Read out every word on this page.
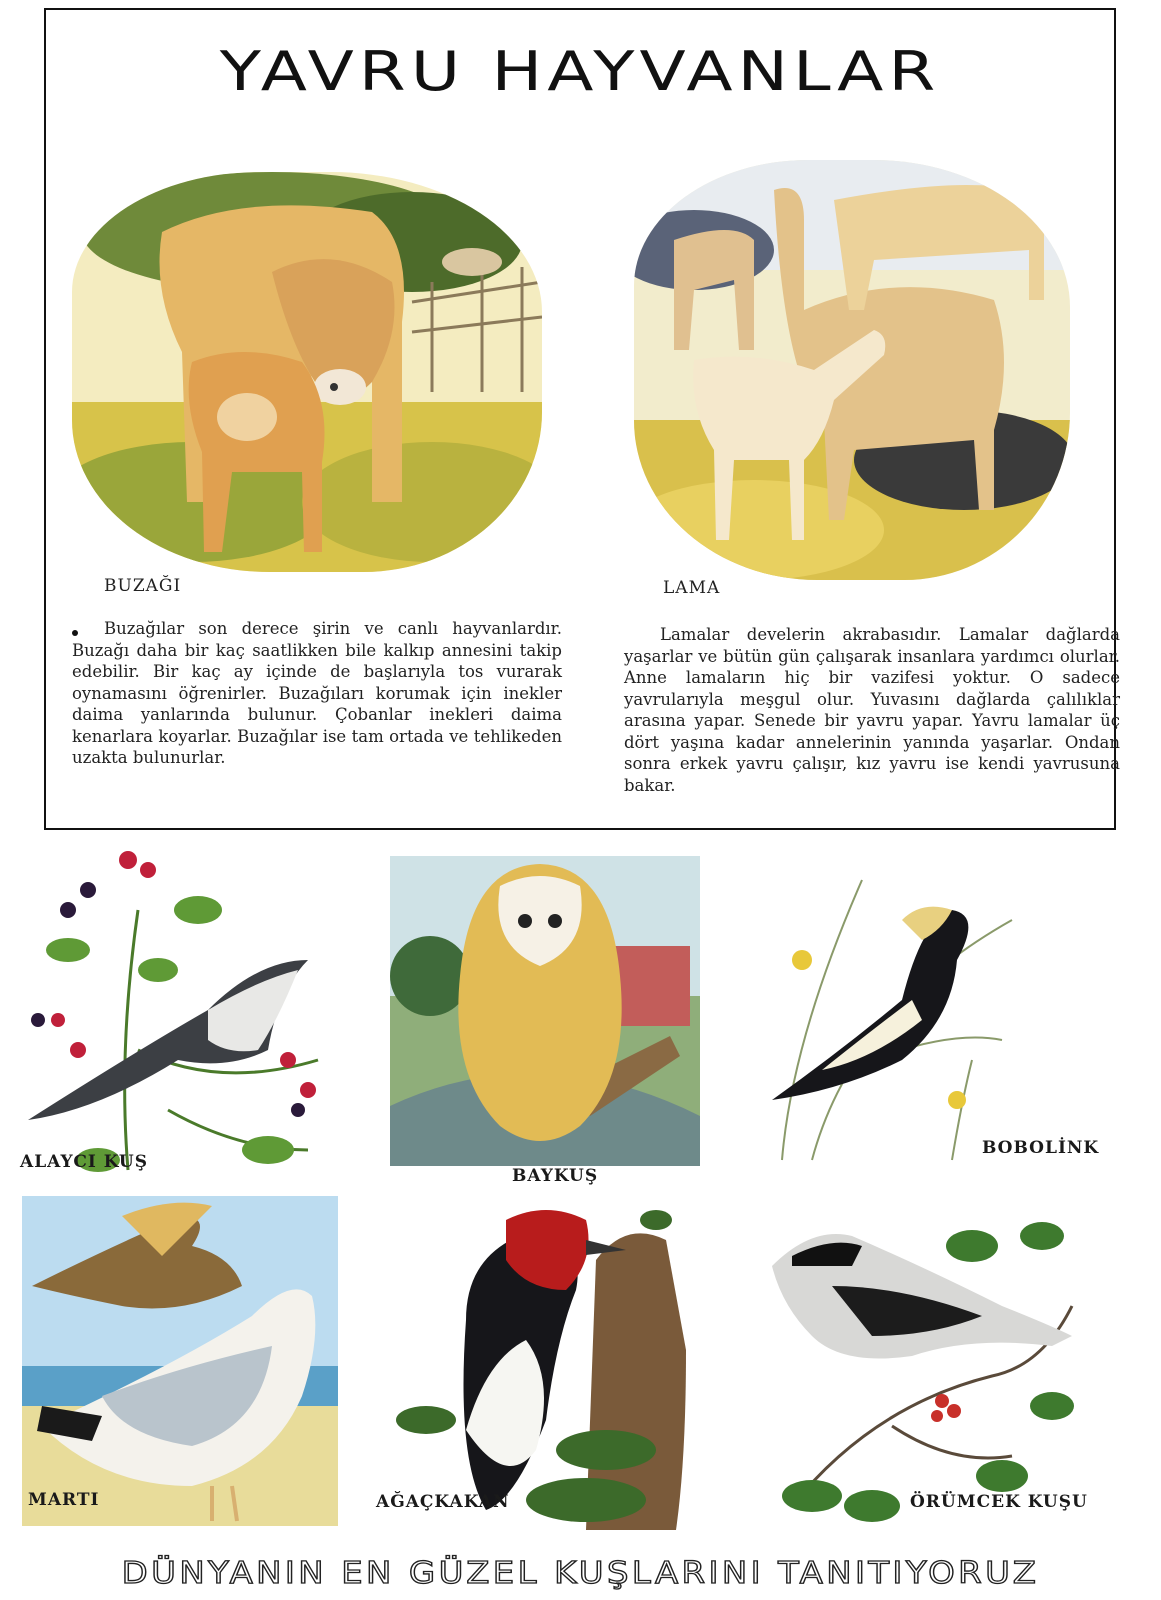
YAVRU HAYVANLAR
BUZAĞI	LAMA

Buzağılar son derece şirin ve canlı hayvanlardır. Buzağı daha bir kaç saatlikken bile kalkıp annesini takip edebilir. Bir kaç ay içinde de başlarıyla tos vurarak oynamasını öğrenirler. Buzağıları korumak için inekler daima yanlarında bulunur. Çobanlar inekleri daima kenarlara koyarlar. Buzağılar ise tam ortada ve tehlikeden uzakta bulunurlar.

Lamalar develerin akrabasıdır. Lamalar dağlarda yaşarlar ve bütün gün çalışarak insanlara yardımcı olurlar. Anne lamaların hiç bir vazifesi yoktur. O sadece yavrularıyla meşgul olur. Yuvasını dağlarda çalılıklar arasına yapar. Senede bir yavru yapar. Yavru lamalar üç dört yaşına kadar annelerinin yanında yaşarlar. Ondan sonra erkek yavru çalışır, kız yavru ise kendi yavrusuna bakar.

ALAYCI KUŞ
BAYKUŞ
BOBOLİNK
MARTI	AĞAÇKAKAN	ÖRÜMCEK KUŞU
DÜNYANIN EN GÜZEL KUŞLARINI TANITIYORUZ
